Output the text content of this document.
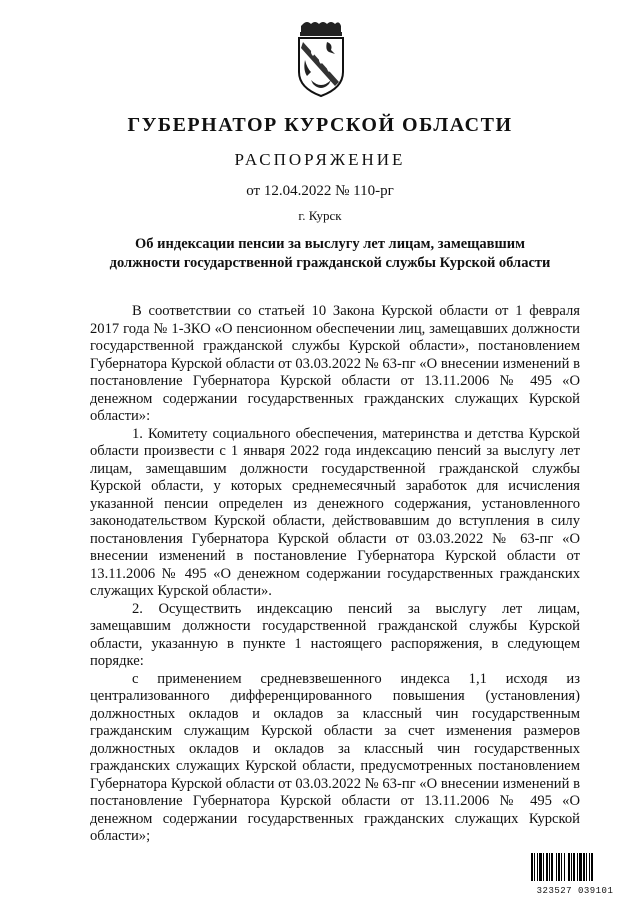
ГУБЕРНАТОР КУРСКОЙ ОБЛАСТИ
РАСПОРЯЖЕНИЕ
от 12.04.2022 № 110-рг
г. Курск
Об индексации пенсии за выслугу лет лицам, замещавшим
должности государственной гражданской службы Курской области

В соответствии со статьей 10 Закона Курской области от 1 февраля 2017 года № 1-ЗКО «О пенсионном обеспечении лиц, замещавших должности государственной гражданской службы Курской области», постановлением Губернатора Курской области от 03.03.2022 № 63-пг «О внесении изменений в постановление Губернатора Курской области от 13.11.2006 № 495 «О денежном содержании государственных гражданских служащих Курской области»:

1. Комитету социального обеспечения, материнства и детства Курской области произвести с 1 января 2022 года индексацию пенсий за выслугу лет лицам, замещавшим должности государственной гражданской службы Курской области, у которых среднемесячный заработок для исчисления указанной пенсии определен из денежного содержания, установленного законодательством Курской области, действовавшим до вступления в силу постановления Губернатора Курской области от 03.03.2022 № 63-пг «О внесении изменений в постановление Губернатора Курской области от 13.11.2006 № 495 «О денежном содержании государственных гражданских служащих Курской области».

2. Осуществить индексацию пенсий за выслугу лет лицам, замещавшим должности государственной гражданской службы Курской области, указанную в пункте 1 настоящего распоряжения, в следующем порядке:

с применением средневзвешенного индекса 1,1 исходя из централизованного дифференцированного повышения (установления) должностных окладов и окладов за классный чин государственным гражданским служащим Курской области за счет изменения размеров должностных окладов и окладов за классный чин государственных гражданских служащих Курской области, предусмотренных постановлением Губернатора Курской области от 03.03.2022 № 63-пг «О внесении изменений в постановление Губернатора Курской области от 13.11.2006 № 495 «О денежном содержании государственных гражданских служащих Курской области»;

323527 039101
